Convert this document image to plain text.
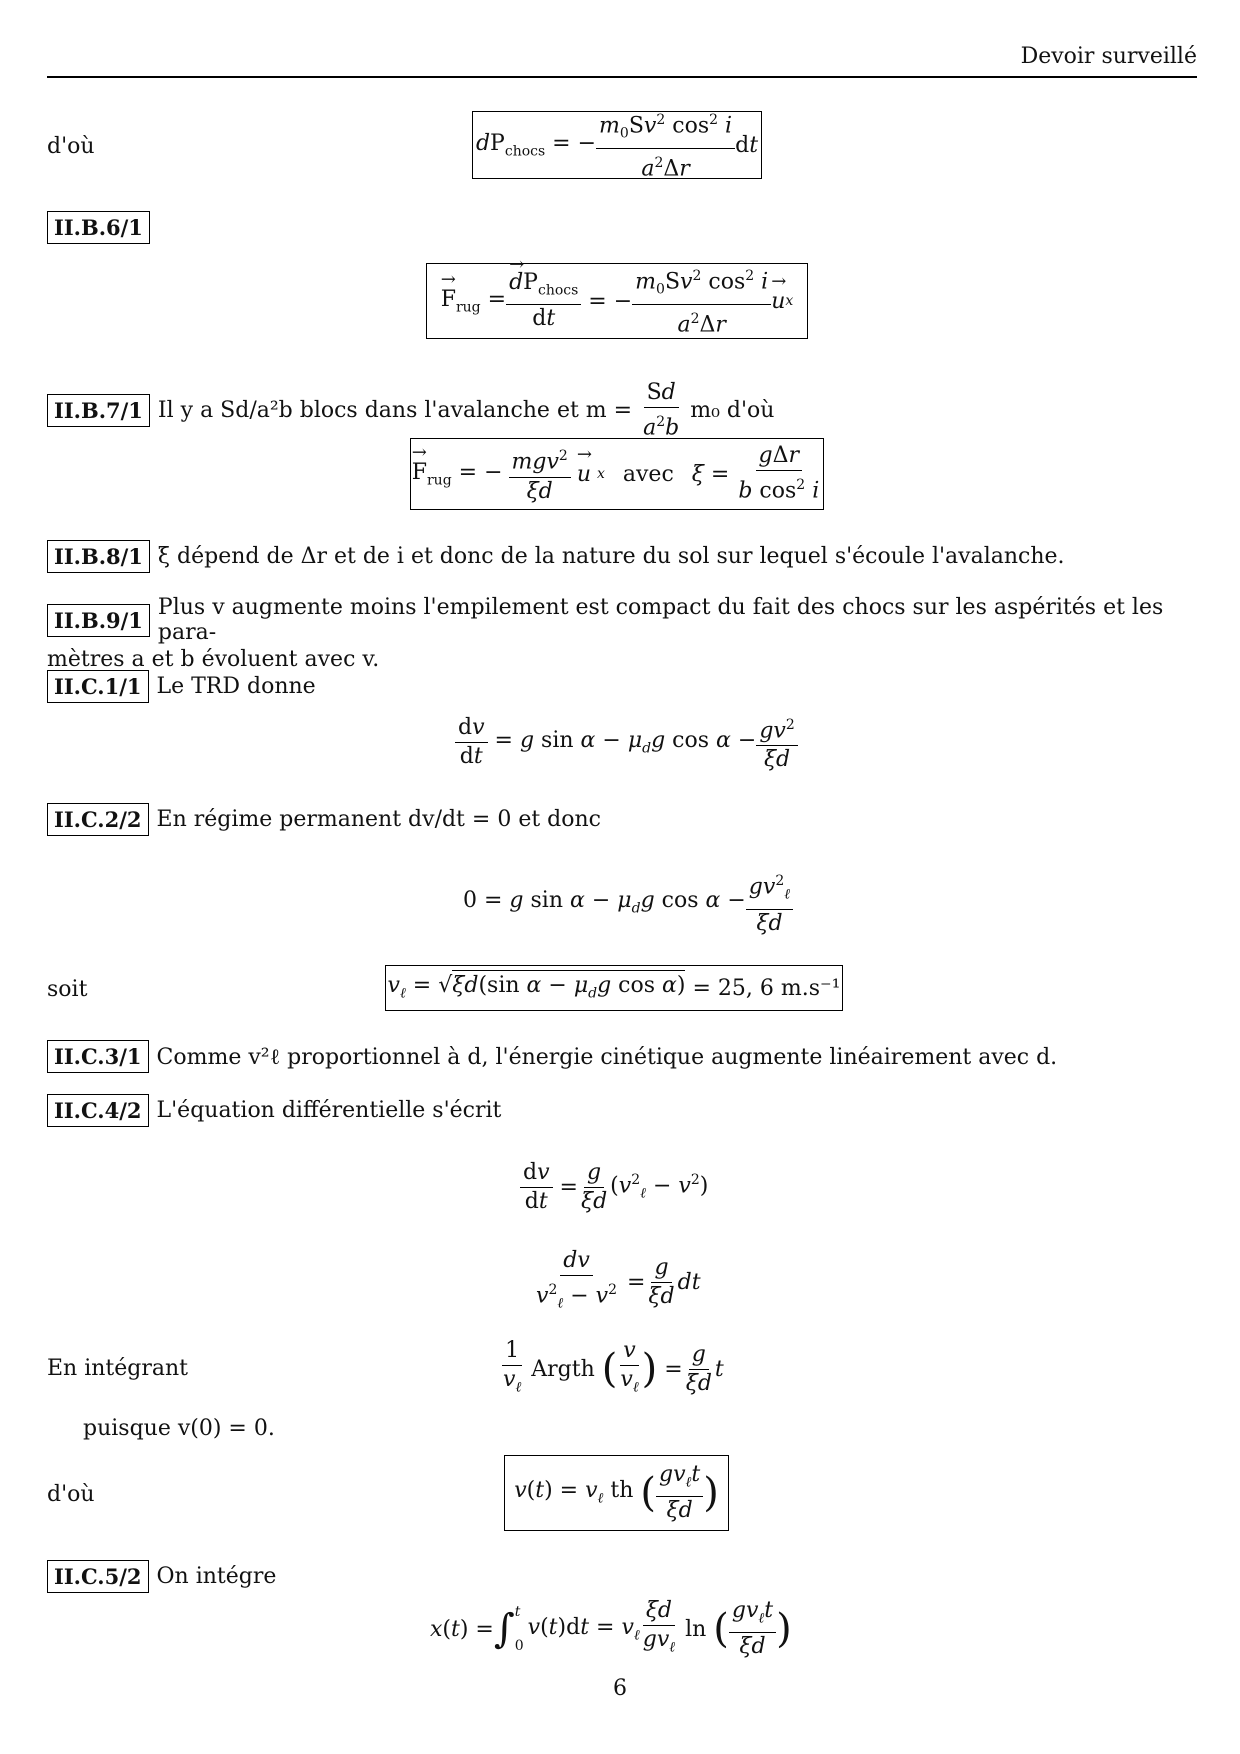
Devoir surveillé
d'où	$dP_{chocs}$ = − $\frac{m_0Sv^2 \cos^2 i}{a^2\Delta r}$ dt
II.B.6/1
→ $F_{rug}$ =
→ $\frac{dP_{chocs}}{dt}$ = − $\frac{m_0Sv^2 \cos^2 i}{a^2\Delta r}$
→ u x
II.B.7/1 Il y a Sd/a²b blocs dans l'avalanche et $m = \frac{Sd}{a^2b} m_0$ d'où
→ $F_{rug}$ = − $\frac{mgv^2}{\xi d}$
→ u x avec $\xi = \frac{\text{gΔr}}{b \cos^2 i}$
II.B.8/1 ξ dépend de Δr et de i et donc de la nature du sol sur lequel s'écoule l'avalanche.
II.B.9/1 Plus v augmente moins l'empilement est compact du fait des chocs sur les aspérités et les para-
mètres a et b évoluent avec v.
II.C.1/1 Le TRD donne
$\frac{dv}{dt} = g$ $\sin \alpha - \mu_dg$ $\cos \alpha - \frac{gv^2}{\xi d}$
II.C.2/2 En régime permanent dv/dt = 0 et donc
0 = g $\sin \alpha - \mu_dg$ $\cos \alpha - \frac{gv^2_\ell}{\xi d}$
soit	$v_\ell = √\xi d(\sin$ $\alpha - \mu_dg$ cos α) = 25, 6 m.s⁻¹
II.C.3/1 Comme v²ℓ proportionnel à d, l'énergie cinétique augmente linéairement avec d.
II.C.4/2 L'équation différentielle s'écrit
$\frac{dv}{dt} = \frac{g}{\xi d} (v^2_\ell - v^2)$
$\frac{dv}{v^2_\ell - v^2} = \frac{g}{\xi d}$ dt
En intégrant	$\frac{1}{v_\ell}$ Argth ( $\frac{v}{v_\ell}$ ) = $\frac{g}{\xi d}$ t
puisque v(0) = 0.
d'où	$v(t) = v_\ell$ th ( $\frac{gv_\ell t}{\xi d}$ )
II.C.5/2 On intégre
x(t) = ∫ t
0
$v(t)dt = v_\ell \frac{\xi d}{gv_\ell}$ ln ( $\frac{gv_\ell t}{\xi d}$ )
6
